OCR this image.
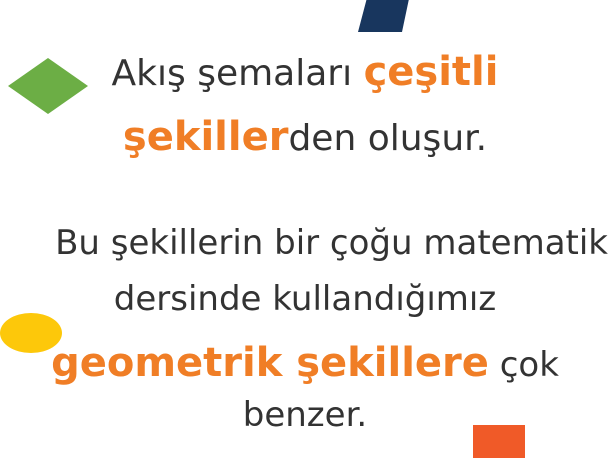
Akış şemaları çeşitli
şekillerden oluşur.
Bu şekillerin bir çoğu matematik
dersinde kullandığımız
geometrik şekillere çok
benzer.
